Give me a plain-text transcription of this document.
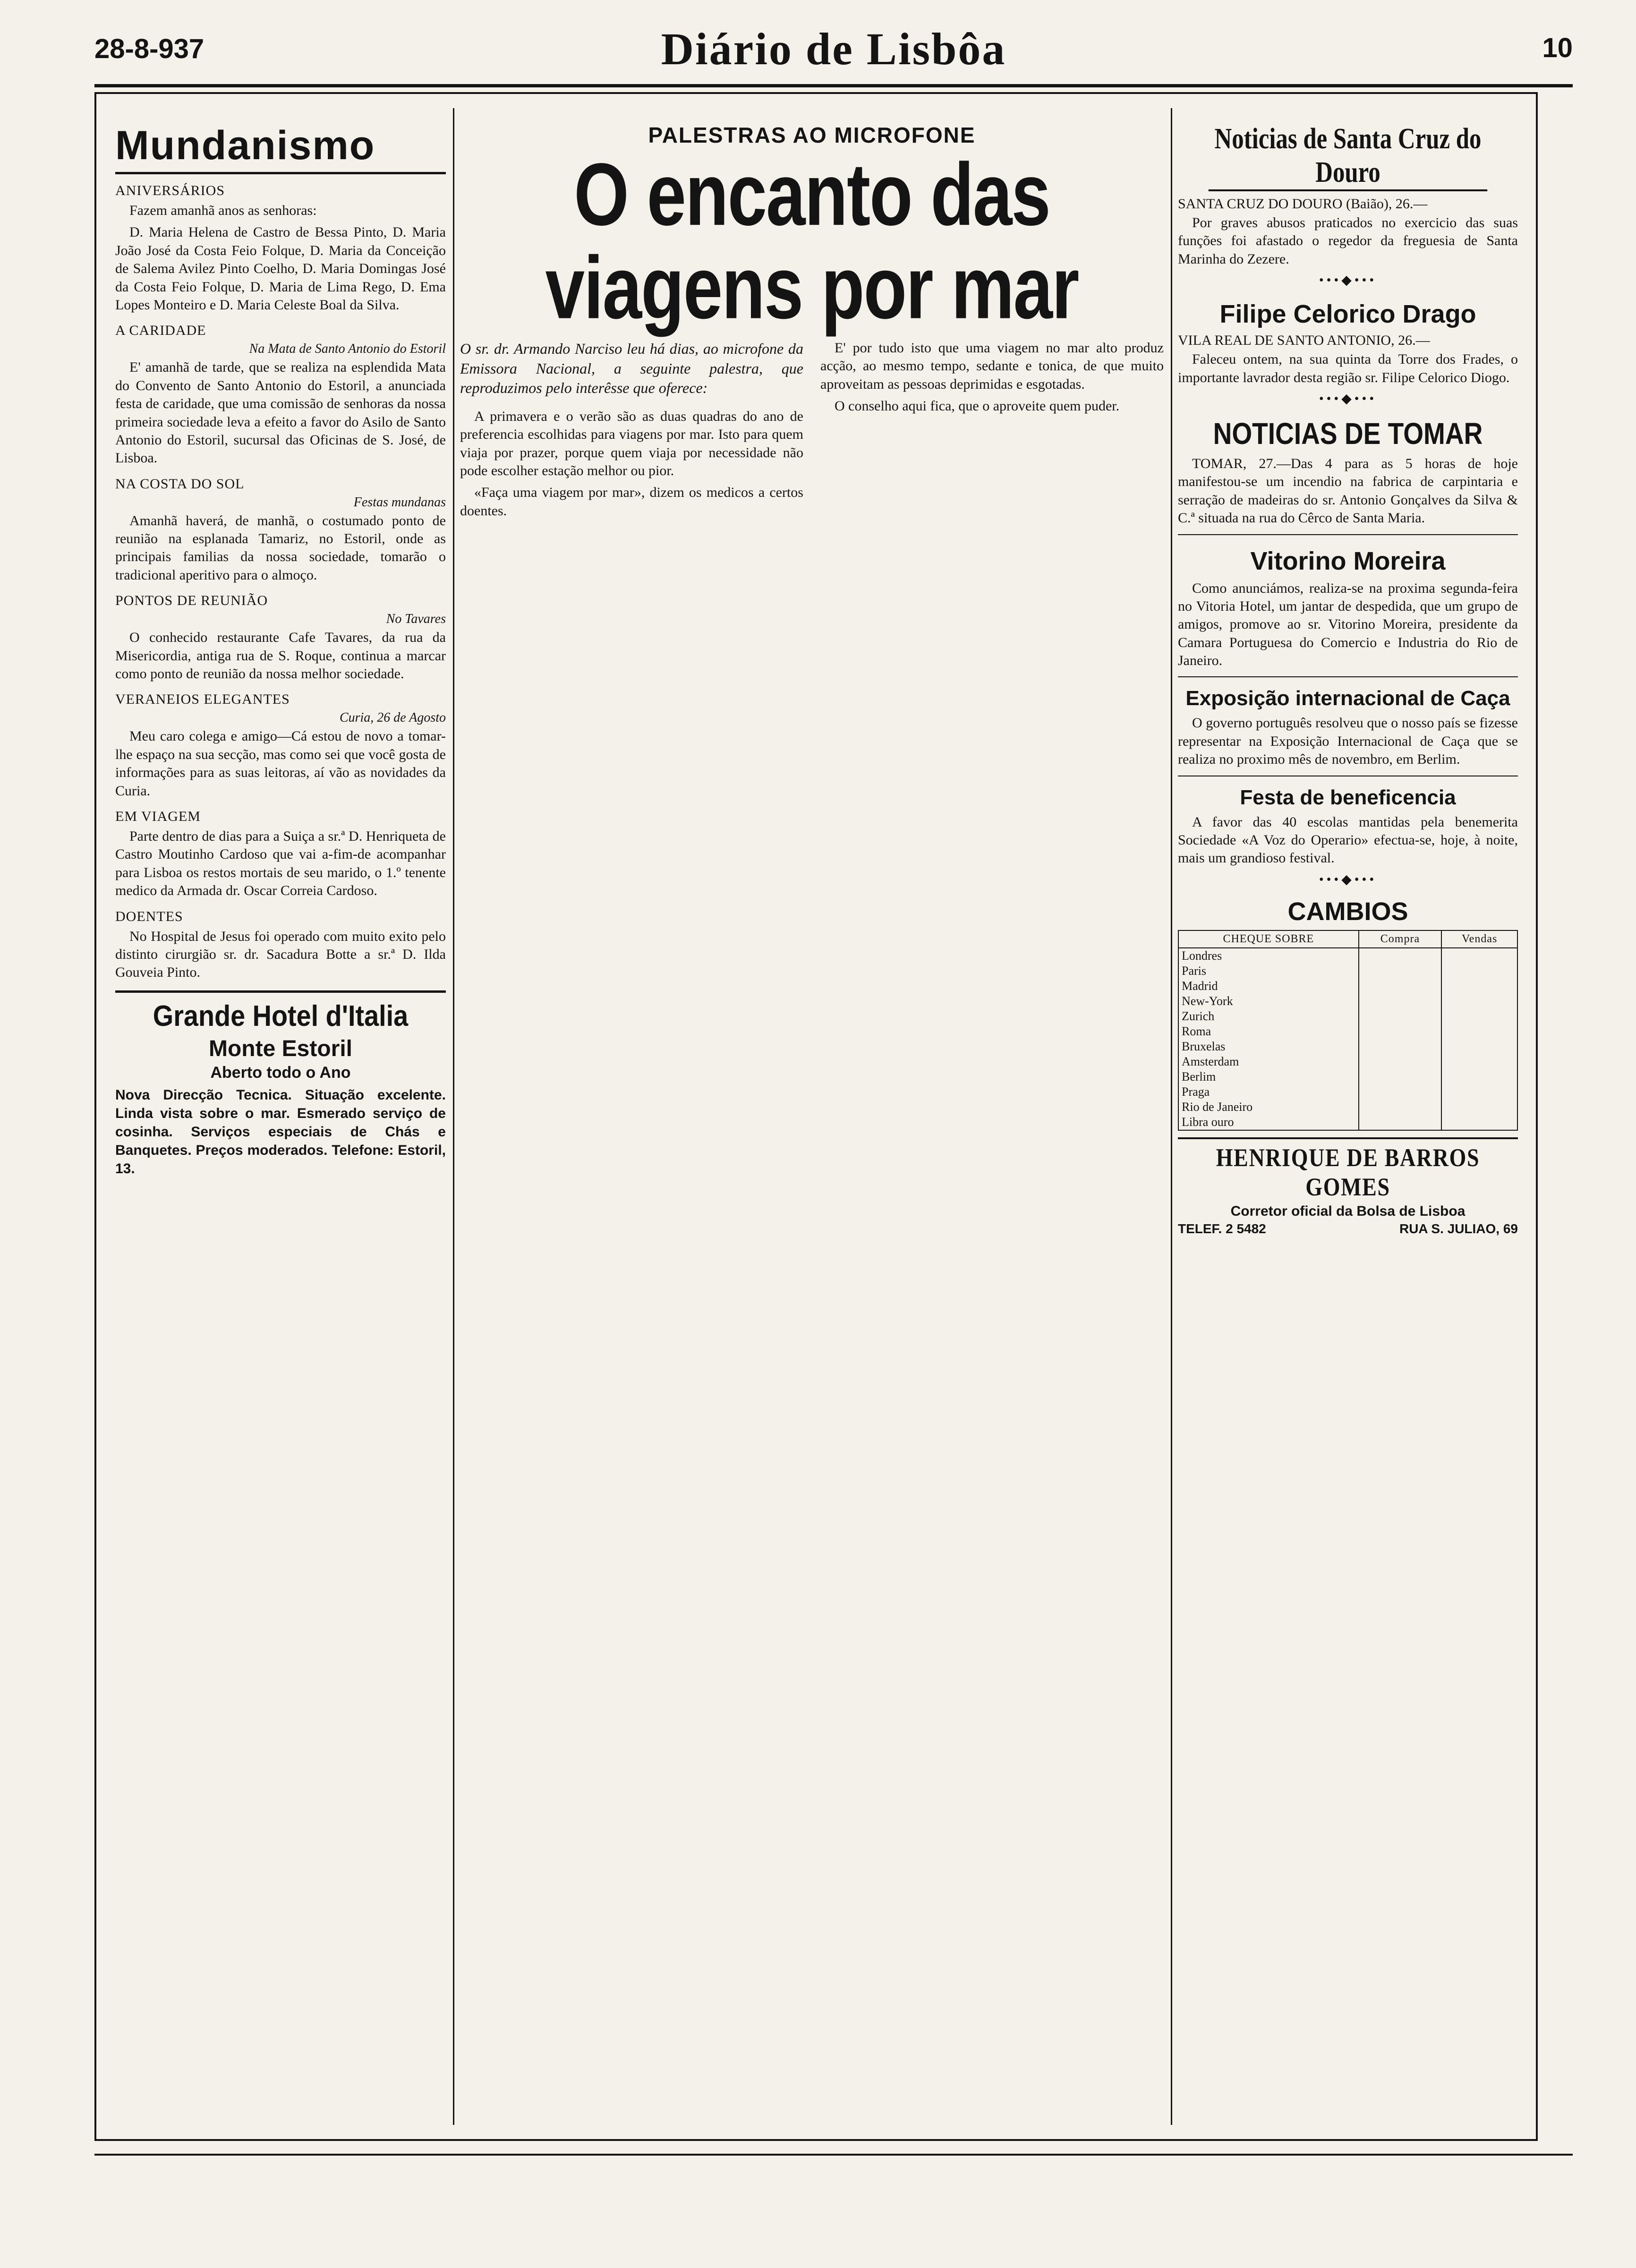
28-8-937	Diário de Lisbôa	10
Mundanismo
ANIVERSÁRIOS

Fazem amanhã anos as senhoras:

D. Maria Helena de Castro de Bessa Pinto, D. Maria João José da Costa Feio Folque, D. Maria da Conceição de Salema Avilez Pinto Coelho, D. Maria Domingas José da Costa Feio Folque, D. Maria de Lima Rego, D. Ema Lopes Monteiro e D. Maria Celeste Boal da Silva.

A CARIDADE
Na Mata de Santo Antonio do Estoril

E' amanhã de tarde, que se realiza na esplendida Mata do Convento de Santo Antonio do Estoril, a anunciada festa de caridade, que uma comissão de senhoras da nossa primeira sociedade leva a efeito a favor do Asilo de Santo Antonio do Estoril, sucursal das Oficinas de S. José, de Lisboa.

NA COSTA DO SOL
Festas mundanas

Amanhã haverá, de manhã, o costumado ponto de reunião na esplanada Tamariz, no Estoril, onde as principais familias da nossa sociedade, tomarão o tradicional aperitivo para o almoço.

PONTOS DE REUNIÃO
No Tavares

O conhecido restaurante Cafe Tavares, da rua da Misericordia, antiga rua de S. Roque, continua a marcar como ponto de reunião da nossa melhor sociedade.

VERANEIOS ELEGANTES
Curia, 26 de Agosto

Meu caro colega e amigo—Cá estou de novo a tomar-lhe espaço na sua secção, mas como sei que você gosta de informações para as suas leitoras, aí vão as novidades da Curia.

EM VIAGEM

Parte dentro de dias para a Suiça a sr.ª D. Henriqueta de Castro Moutinho Cardoso que vai a-fim-de acompanhar para Lisboa os restos mortais de seu marido, o 1.º tenente medico da Armada dr. Oscar Correia Cardoso.

DOENTES

No Hospital de Jesus foi operado com muito exito pelo distinto cirurgião sr. dr. Sacadura Botte a sr.ª D. Ilda Gouveia Pinto.

Grande Hotel d'Italia

Monte Estoril

Aberto todo o Ano

Nova Direcção Tecnica. Situação excelente. Linda vista sobre o mar. Esmerado serviço de cosinha. Serviços especiais de Chás e Banquetes. Preços moderados. Telefone: Estoril, 13.

PALESTRAS AO MICROFONE
O encanto das viagens por mar

O sr. dr. Armando Narciso leu há dias, ao microfone da Emissora Nacional, a seguinte palestra, que reproduzimos pelo interêsse que oferece:

A primavera e o verão são as duas quadras do ano de preferencia escolhidas para viagens por mar. Isto para quem viaja por prazer, porque quem viaja por necessidade não pode escolher estação melhor ou pior.

«Faça uma viagem por mar», dizem os medicos a certos doentes.

E' por tudo isto que uma viagem no mar alto produz acção, ao mesmo tempo, sedante e tonica, de que muito aproveitam as pessoas deprimidas e esgotadas.

O conselho aqui fica, que o aproveite quem puder.

Noticias de Santa Cruz do Douro

SANTA CRUZ DO DOURO (Baião), 26.—

Por graves abusos praticados no exercicio das suas funções foi afastado o regedor da freguesia de Santa Marinha do Zezere.

•••◆•••
Filipe Celorico Drago

VILA REAL DE SANTO ANTONIO, 26.—

Faleceu ontem, na sua quinta da Torre dos Frades, o importante lavrador desta região sr. Filipe Celorico Diogo.

•••◆•••
NOTICIAS DE TOMAR

TOMAR, 27.—Das 4 para as 5 horas de hoje manifestou-se um incendio na fabrica de carpintaria e serração de madeiras do sr. Antonio Gonçalves da Silva & C.ª situada na rua do Cêrco de Santa Maria.

Vitorino Moreira

Como anunciámos, realiza-se na proxima segunda-feira no Vitoria Hotel, um jantar de despedida, que um grupo de amigos, promove ao sr. Vitorino Moreira, presidente da Camara Portuguesa do Comercio e Industria do Rio de Janeiro.

Exposição internacional de Caça

O governo português resolveu que o nosso país se fizesse representar na Exposição Internacional de Caça que se realiza no proximo mês de novembro, em Berlim.

Festa de beneficencia

A favor das 40 escolas mantidas pela benemerita Sociedade «A Voz do Operario» efectua-se, hoje, à noite, mais um grandioso festival.

•••◆•••
CAMBIOS
CHEQUE SOBRE	Compra	Vendas
Londres		
Paris		
Madrid		
New-York		
Zurich		
Roma		
Bruxelas		
Amsterdam		
Berlim		
Praga		
Rio de Janeiro		
Libra ouro		
HENRIQUE DE BARROS GOMES
Corretor oficial da Bolsa de Lisboa
TELEF. 2 5482	RUA S. JULIAO, 69
